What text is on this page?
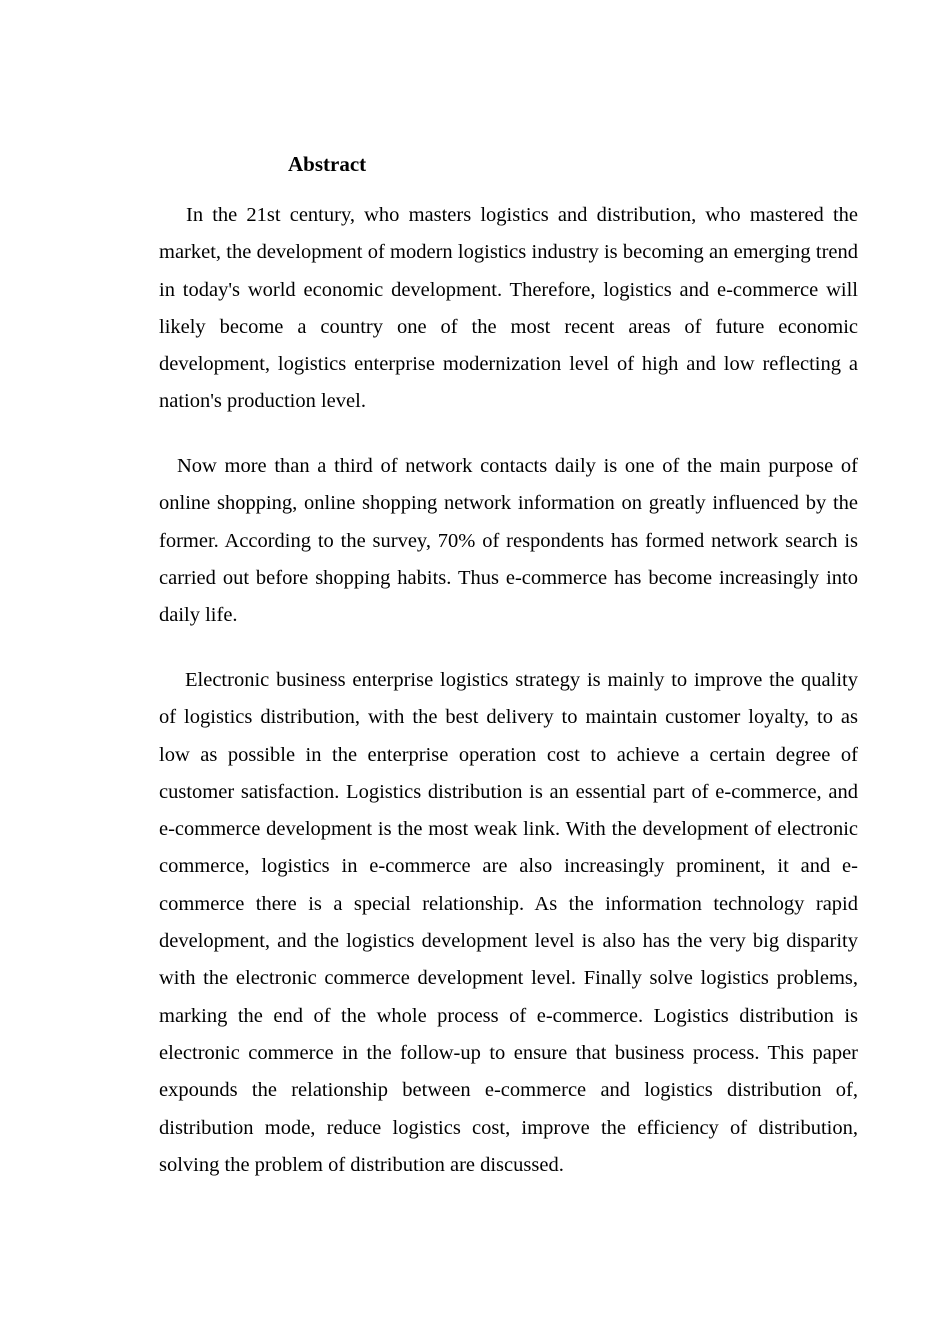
Abstract

In the 21st century, who masters logistics and distribution, who mastered the market, the development of modern logistics industry is becoming an emerging trend in today's world economic development. Therefore, logistics and e-commerce will likely become a country one of the most recent areas of future economic development, logistics enterprise modernization level of high and low reflecting a nation's production level.

Now more than a third of network contacts daily is one of the main purpose of online shopping, online shopping network information on greatly influenced by the former. According to the survey, 70% of respondents has formed network search is carried out before shopping habits. Thus e-commerce has become increasingly into daily life.

Electronic business enterprise logistics strategy is mainly to improve the quality of logistics distribution, with the best delivery to maintain customer loyalty, to as low as possible in the enterprise operation cost to achieve a certain degree of customer satisfaction. Logistics distribution is an essential part of e-commerce, and e-commerce development is the most weak link. With the development of electronic commerce, logistics in e-commerce are also increasingly prominent, it and e-commerce there is a special relationship. As the information technology rapid development, and the logistics development level is also has the very big disparity with the electronic commerce development level. Finally solve logistics problems, marking the end of the whole process of e-commerce. Logistics distribution is electronic commerce in the follow-up to ensure that business process. This paper expounds the relationship between e-commerce and logistics distribution of, distribution mode, reduce logistics cost, improve the efficiency of distribution, solving the problem of distribution are discussed.
